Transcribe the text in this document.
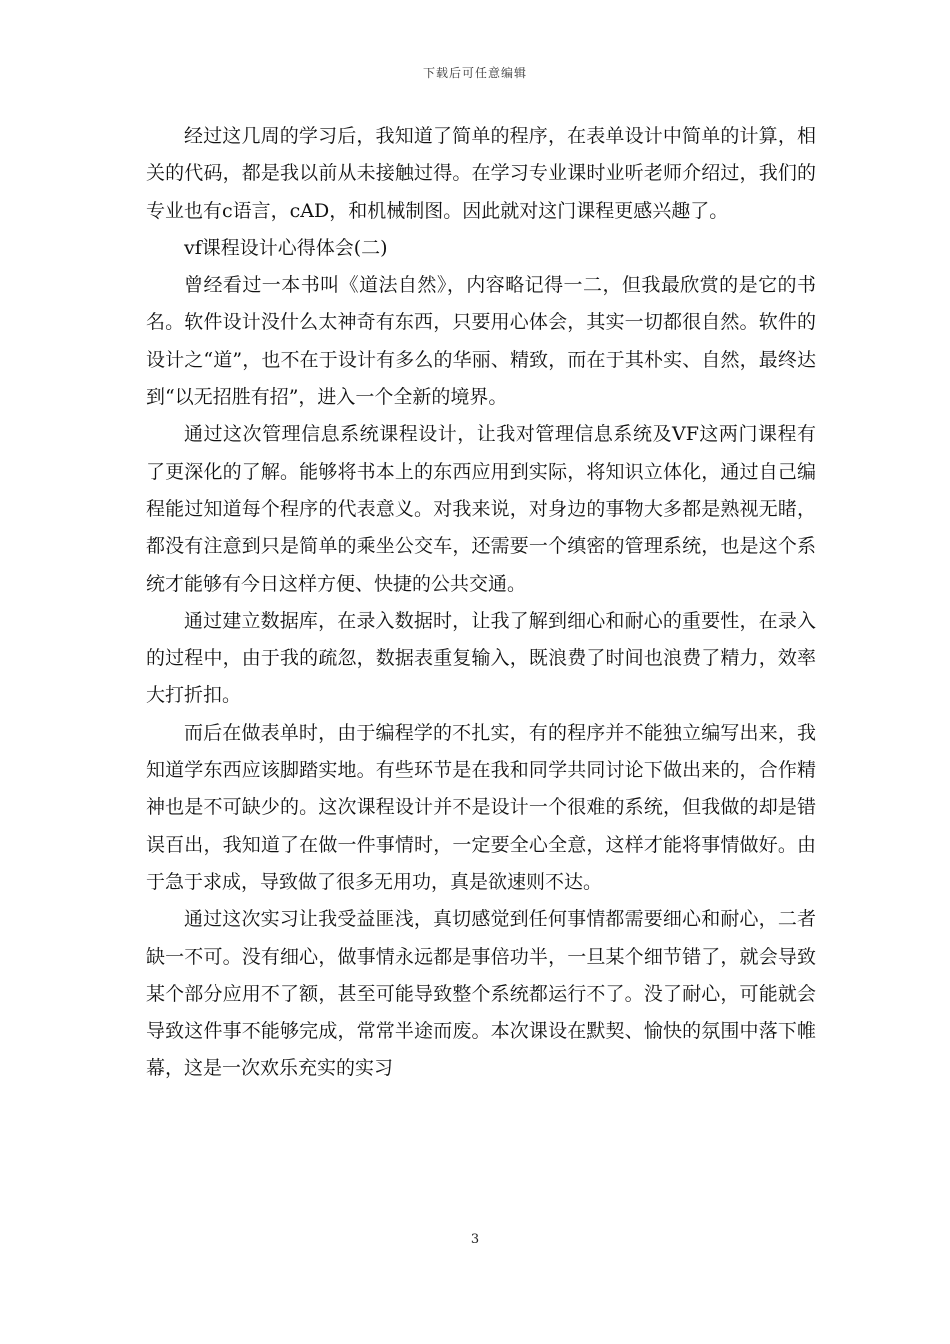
下载后可任意编辑

经过这几周的学习后，我知道了简单的程序，在表单设计中简单的计算，相关的代码，都是我以前从未接触过得。在学习专业课时业听老师介绍过，我们的专业也有c语言，cAD，和机械制图。因此就对这门课程更感兴趣了。

vf课程设计心得体会(二)

曾经看过一本书叫《道法自然》，内容略记得一二，但我最欣赏的是它的书名。软件设计没什么太神奇有东西，只要用心体会，其实一切都很自然。软件的设计之“道”，也不在于设计有多么的华丽、精致，而在于其朴实、自然，最终达到“以无招胜有招”，进入一个全新的境界。

通过这次管理信息系统课程设计，让我对管理信息系统及VF这两门课程有了更深化的了解。能够将书本上的东西应用到实际，将知识立体化，通过自己编程能过知道每个程序的代表意义。对我来说，对身边的事物大多都是熟视无睹，都没有注意到只是简单的乘坐公交车，还需要一个缜密的管理系统，也是这个系统才能够有今日这样方便、快捷的公共交通。

通过建立数据库，在录入数据时，让我了解到细心和耐心的重要性，在录入的过程中，由于我的疏忽，数据表重复输入，既浪费了时间也浪费了精力，效率大打折扣。

而后在做表单时，由于编程学的不扎实，有的程序并不能独立编写出来，我知道学东西应该脚踏实地。有些环节是在我和同学共同讨论下做出来的，合作精神也是不可缺少的。这次课程设计并不是设计一个很难的系统，但我做的却是错误百出，我知道了在做一件事情时，一定要全心全意，这样才能将事情做好。由于急于求成，导致做了很多无用功，真是欲速则不达。

通过这次实习让我受益匪浅，真切感觉到任何事情都需要细心和耐心，二者缺一不可。没有细心，做事情永远都是事倍功半，一旦某个细节错了，就会导致某个部分应用不了额，甚至可能导致整个系统都运行不了。没了耐心，可能就会导致这件事不能够完成，常常半途而废。本次课设在默契、愉快的氛围中落下帷幕，这是一次欢乐充实的实习

3
